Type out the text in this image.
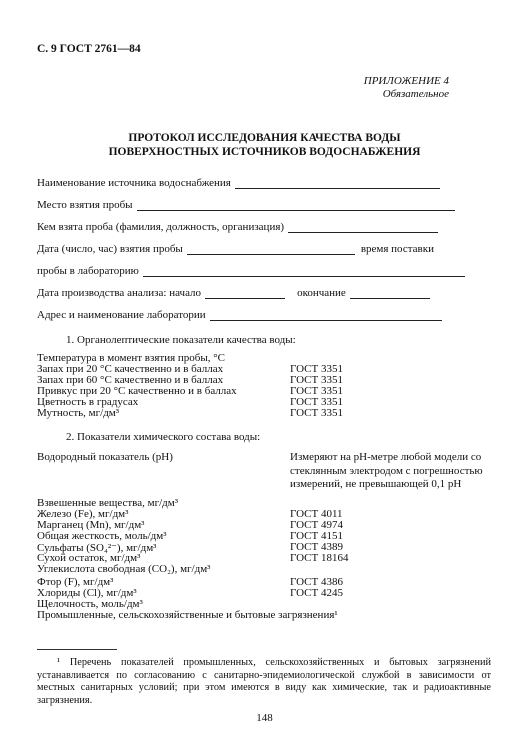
С. 9 ГОСТ 2761—84
ПРИЛОЖЕНИЕ 4
Обязательное
ПРОТОКОЛ ИССЛЕДОВАНИЯ КАЧЕСТВА ВОДЫ
ПОВЕРХНОСТНЫХ ИСТОЧНИКОВ ВОДОСНАБЖЕНИЯ
Наименование источника водоснабжения
Место взятия пробы
Кем взята проба (фамилия, должность, организация)
Дата (число, час) взятия пробы	время поставки
пробы в лабораторию
Дата производства анализа: начало	окончание
Адрес и наименование лаборатории
1. Органолептические показатели качества воды:
Температура в момент взятия пробы, °С
Запах при 20 °С качественно и в баллах	ГОСТ 3351
Запах при 60 °С качественно и в баллах	ГОСТ 3351
Привкус при 20 °С качественно и в баллах	ГОСТ 3351
Цветность в градусах	ГОСТ 3351
Мутность, мг/дм³	ГОСТ 3351
2. Показатели химического состава воды:
Водородный показатель (рН)	Измеряют на рН-метре любой модели со стеклянным электродом с погрешностью измерений, не превышающей 0,1 рН
Взвешенные вещества, мг/дм³
Железо (Fe), мг/дм³	ГОСТ 4011
Марганец (Mn), мг/дм³	ГОСТ 4974
Общая жесткость, моль/дм³	ГОСТ 4151
Сульфаты (SO₄²⁻), мг/дм³	ГОСТ 4389
Сухой остаток, мг/дм³	ГОСТ 18164
Углекислота свободная (CO₂), мг/дм³
Фтор (F), мг/дм³	ГОСТ 4386
Хлориды (Cl), мг/дм³	ГОСТ 4245
Щелочность, моль/дм³
Промышленные, сельскохозяйственные и бытовые загрязнения¹
¹ Перечень показателей промышленных, сельскохозяйственных и бытовых загрязнений устанавливается по согласованию с санитарно-эпидемиологической службой в зависимости от местных санитарных условий; при этом имеются в виду как химические, так и радиоактивные загрязнения.
148
